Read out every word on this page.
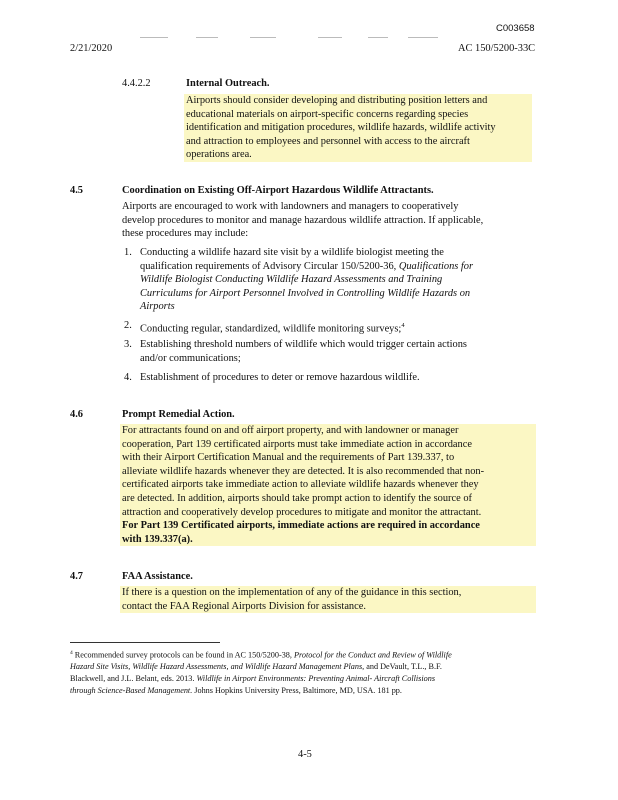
C003658
2/21/2020	AC 150/5200-33C
4.4.2.2	Internal Outreach.
Airports should consider developing and distributing position letters and
educational materials on airport-specific concerns regarding species
identification and mitigation procedures, wildlife hazards, wildlife activity
and attraction to employees and personnel with access to the aircraft
operations area.
4.5	Coordination on Existing Off-Airport Hazardous Wildlife Attractants.
Airports are encouraged to work with landowners and managers to cooperatively
develop procedures to monitor and manage hazardous wildlife attraction. If applicable,
these procedures may include:
1. Conducting a wildlife hazard site visit by a wildlife biologist meeting the
qualification requirements of Advisory Circular 150/5200-36, Qualifications for
Wildlife Biologist Conducting Wildlife Hazard Assessments and Training
Curriculums for Airport Personnel Involved in Controlling Wildlife Hazards on
Airports
2. Conducting regular, standardized, wildlife monitoring surveys;$^4$
3. Establishing threshold numbers of wildlife which would trigger certain actions
and/or communications;
4. Establishment of procedures to deter or remove hazardous wildlife.
4.6	Prompt Remedial Action.
For attractants found on and off airport property, and with landowner or manager
cooperation, Part 139 certificated airports must take immediate action in accordance
with their Airport Certification Manual and the requirements of Part 139.337, to
alleviate wildlife hazards whenever they are detected. It is also recommended that non-
certificated airports take immediate action to alleviate wildlife hazards whenever they
are detected. In addition, airports should take prompt action to identify the source of
attraction and cooperatively develop procedures to mitigate and monitor the attractant.
For Part 139 Certificated airports, immediate actions are required in accordance
with 139.337(a).
4.7	FAA Assistance.
If there is a question on the implementation of any of the guidance in this section,
contact the FAA Regional Airports Division for assistance.
$^4$ Recommended survey protocols can be found in AC 150/5200-38, Protocol for the Conduct and Review of Wildlife
Hazard Site Visits, Wildlife Hazard Assessments, and Wildlife Hazard Management Plans, and DeVault, T.L., B.F.
Blackwell, and J.L. Belant, eds. 2013. Wildlife in Airport Environments: Preventing Animal- Aircraft Collisions
through Science-Based Management. Johns Hopkins University Press, Baltimore, MD, USA. 181 pp.
4-5
